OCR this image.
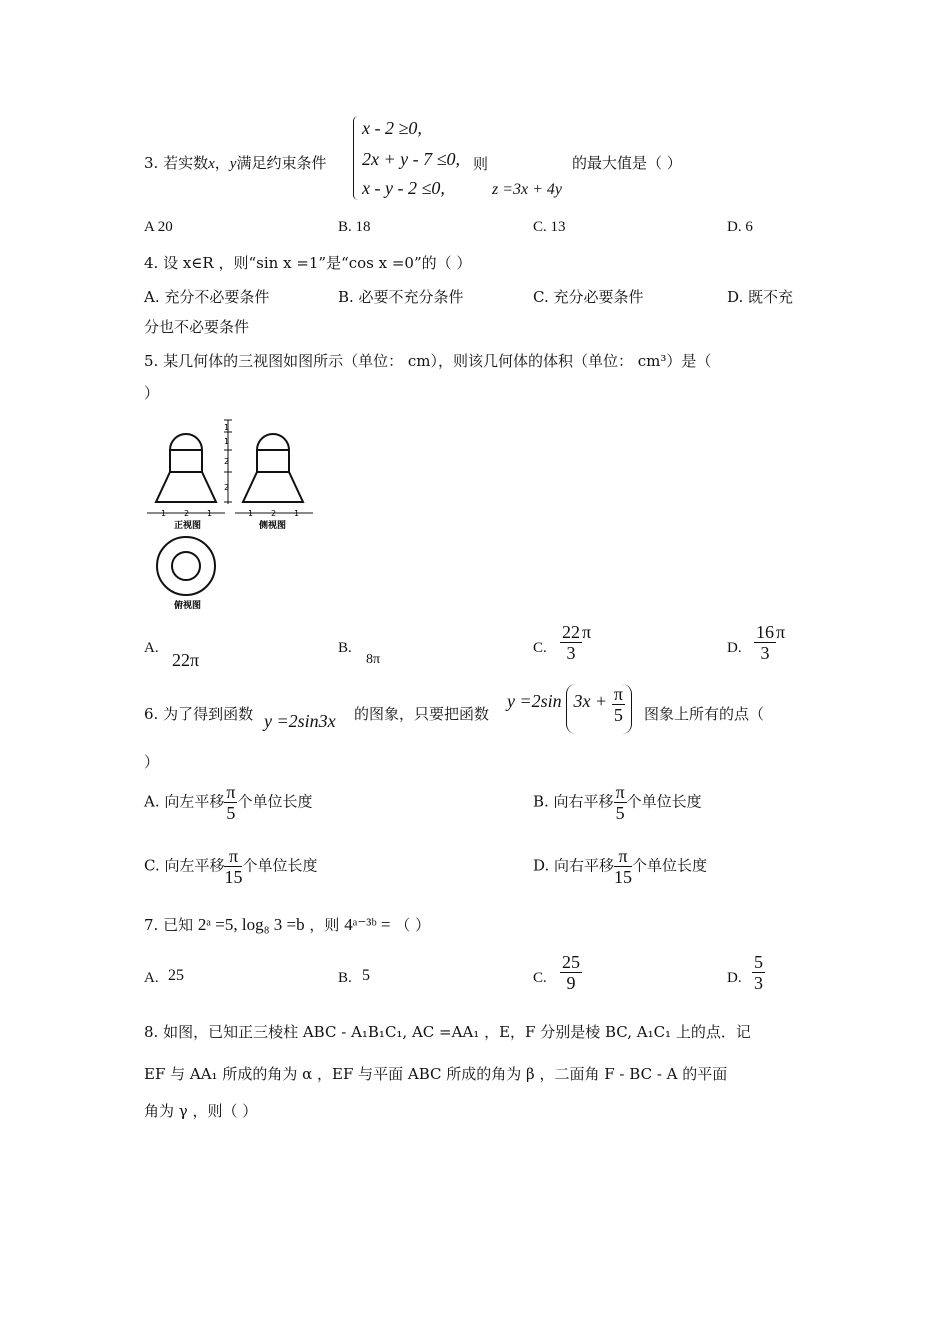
3. 若实数x，y满足约束条件
x - 2 ≥0,
2x + y - 7 ≤0,
x - y - 2 ≤0,
则
z =3x + 4y
的最大值是（ ）
A 20	B. 18	C. 13	D. 6
4. 设 x∈R ，则“sin x =1”是“cos x =0”的（ ）
A. 充分不必要条件	B. 必要不充分条件	C. 充分必要条件	D. 既不充
分也不必要条件
5. 某几何体的三视图如图所示（单位： cm），则该几何体的体积（单位： cm³）是（
）
1
1
2
2
1 2 1	1 2 1
正视图	侧视图
俯视图
A.
22π
B.
8π
C. $\frac{22}{3}$ π
D. $\frac{16}{3}$ π
6. 为了得到函数 y =2sin3x 的图象，只要把函数
y =2sin $3x + \frac{\pi}{5}$ 图象上所有的点（
）
A. 向左平移 $\frac{\pi}{5}$ 个单位长度	B. 向右平移 $\frac{\pi}{5}$ 个单位长度
C. 向左平移 $\frac{\pi}{15}$ 个单位长度	D. 向右平移 $\frac{\pi}{15}$ 个单位长度
7. 已知 2ᵃ =5, log₈ 3 =b ，则 4ᵃ⁻³ᵇ = （ ）
A. 25	B. 5	C. $\frac{25}{9}$	D. $\frac{5}{3}$
8. 如图，已知正三棱柱 ABC - A₁B₁C₁, AC =AA₁ ，E，F 分别是棱 BC, A₁C₁ 上的点．记
EF 与 AA₁ 所成的角为 α ，EF 与平面 ABC 所成的角为 β ，二面角 F - BC - A 的平面
角为 γ ，则（ ）
